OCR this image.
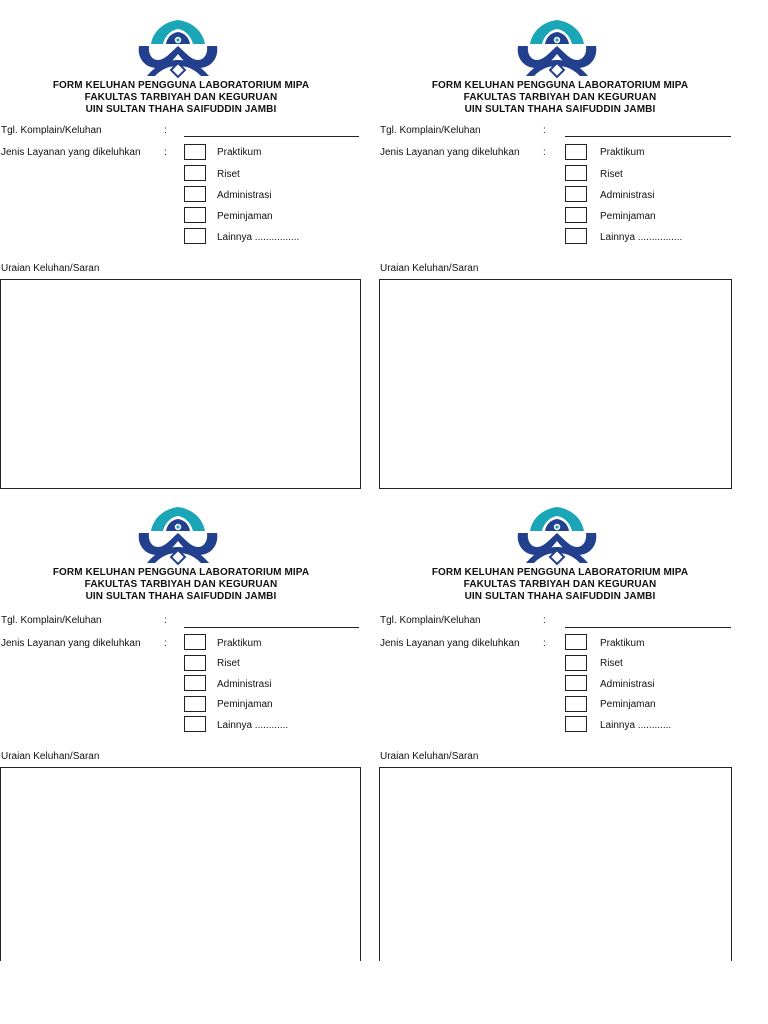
FORM KELUHAN PENGGUNA LABORATORIUM MIPA
FAKULTAS TARBIYAH DAN KEGURUAN
UIN SULTAN THAHA SAIFUDDIN JAMBI
Tgl. Komplain/Keluhan	:
Jenis Layanan yang dikeluhkan :	Praktikum
Riset
Administrasi
Peminjaman
Lainnya ................
Uraian Keluhan/Saran
FORM KELUHAN PENGGUNA LABORATORIUM MIPA
FAKULTAS TARBIYAH DAN KEGURUAN
UIN SULTAN THAHA SAIFUDDIN JAMBI
Tgl. Komplain/Keluhan	:
Jenis Layanan yang dikeluhkan :	Praktikum
Riset
Administrasi
Peminjaman
Lainnya ................
Uraian Keluhan/Saran
FORM KELUHAN PENGGUNA LABORATORIUM MIPA
FAKULTAS TARBIYAH DAN KEGURUAN
UIN SULTAN THAHA SAIFUDDIN JAMBI
Tgl. Komplain/Keluhan	:
Jenis Layanan yang dikeluhkan :	Praktikum
Riset
Administrasi
Peminjaman
Lainnya ............
Uraian Keluhan/Saran
FORM KELUHAN PENGGUNA LABORATORIUM MIPA
FAKULTAS TARBIYAH DAN KEGURUAN
UIN SULTAN THAHA SAIFUDDIN JAMBI
Tgl. Komplain/Keluhan	:
Jenis Layanan yang dikeluhkan :	Praktikum
Riset
Administrasi
Peminjaman
Lainnya ............
Uraian Keluhan/Saran
